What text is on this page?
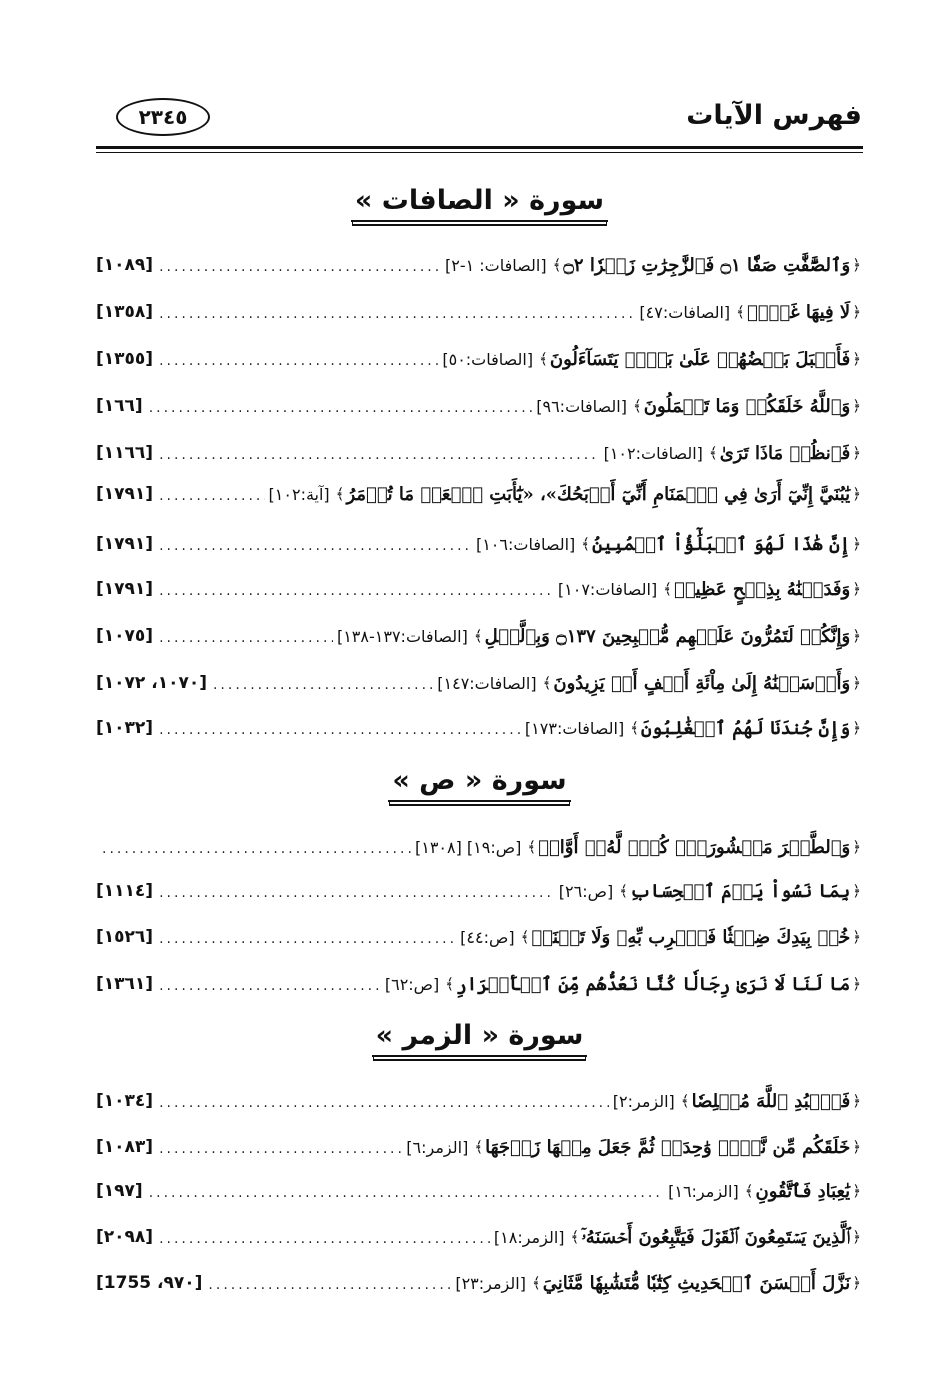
فهرس الآيات
٢٣٤٥
سورة « الصافات »
﴿
وَٱلصَّٰٓفَّٰتِ صَفّٗا ۝١ فَٱلزَّٰجِرَٰتِ زَجۡرٗا ۝٢
﴾
[الصافات: ١-٢]
.....
[١٠٨٩]
﴿
لَا فِيهَا غَوۡلٞ
﴾
[الصافات:٤٧]
.....
[١٣٥٨]
﴿
فَأَقۡبَلَ بَعۡضُهُمۡ عَلَىٰ بَعۡضٖ يَتَسَآءَلُونَ
﴾
[الصافات:٥٠]
.....
[١٣٥٥]
﴿
وَٱللَّهُ خَلَقَكُمۡ وَمَا تَعۡمَلُونَ
﴾
[الصافات:٩٦]
.....
[١٦٦]
﴿
فَٱنظُرۡ مَاذَا تَرَىٰ
﴾
[الصافات:١٠٢]
.....
[١١٦٦]
﴿
يَٰبُنَيَّ إِنِّيٓ أَرَىٰ فِي ٱلۡمَنَامِ أَنِّيٓ أَذۡبَحُكَ»، «يَٰٓأَبَتِ ٱفۡعَلۡ مَا تُؤۡمَرُ
﴾
[آية:١٠٢]
.....
[١٧٩١]
﴿
إِنَّ هَٰذَا لَهُوَ ٱلۡبَلَٰٓؤُاْ ٱلۡمُبِينُ
﴾
[الصافات:١٠٦]
.....
[١٧٩١]
﴿
وَفَدَيۡنَٰهُ بِذِبۡحٍ عَظِيمٖ
﴾
[الصافات:١٠٧]
.....
[١٧٩١]
﴿
وَإِنَّكُمۡ لَتَمُرُّونَ عَلَيۡهِم مُّصۡبِحِينَ ۝١٣٧ وَبِٱلَّيۡلِ
﴾
[الصافات:١٣٧-١٣٨]
.....
[١٠٧٥]
﴿
وَأَرۡسَلۡنَٰهُ إِلَىٰ مِاْئَةِ أَلۡفٍ أَوۡ يَزِيدُونَ
﴾
[الصافات:١٤٧]
.....
[١٠٧٠، ١٠٧٢]
﴿
وَإِنَّ جُندَنَا لَهُمُ ٱلۡغَٰلِبُونَ
﴾
[الصافات:١٧٣]
.....
[١٠٣٢]
سورة « ص »
﴿
وَٱلطَّيۡرَ مَحۡشُورَةٗۖ كُلّٞ لَّهُۥٓ أَوَّابٞ
﴾
[ص:١٩] [١٣٠٨]
.....
﴿
بِمَا نَسُواْ يَوۡمَ ٱلۡحِسَابِ
﴾
[ص:٢٦]
.....
[١١١٤]
﴿
خُذۡ بِيَدِكَ ضِغۡثٗا فَٱضۡرِب بِّهِۦ وَلَا تَحۡنَثۡ
﴾
[ص:٤٤]
.....
[١٥٢٦]
﴿
مَا لَنَا لَا نَرَىٰ رِجَالٗا كُنَّا نَعُدُّهُم مِّنَ ٱلۡأَشۡرَارِ
﴾
[ص:٦٢]
.....
[١٣٦١]
سورة « الزمر »
﴿
فَٱعۡبُدِ ٱللَّهَ مُخۡلِصٗا
﴾
[الزمر:٢]
.....
[١٠٣٤]
﴿
خَلَقَكُم مِّن نَّفۡسٖ وَٰحِدَةٖ ثُمَّ جَعَلَ مِنۡهَا زَوۡجَهَا
﴾
[الزمر:٦]
.....
[١٠٨٣]
﴿
يَٰعِبَادِ فَٱتَّقُونِ
﴾
[الزمر:١٦]
.....
[١٩٧]
﴿
ٱلَّذِينَ يَسۡتَمِعُونَ ٱلۡقَوۡلَ فَيَتَّبِعُونَ أَحۡسَنَهُۥٓ
﴾
[الزمر:١٨]
.....
[٢٠٩٨]
﴿
نَزَّلَ أَحۡسَنَ ٱلۡحَدِيثِ كِتَٰبٗا مُّتَشَٰبِهٗا مَّثَانِيَ
﴾
[الزمر:٢٣]
.....
[٩٧٠، 1755]
